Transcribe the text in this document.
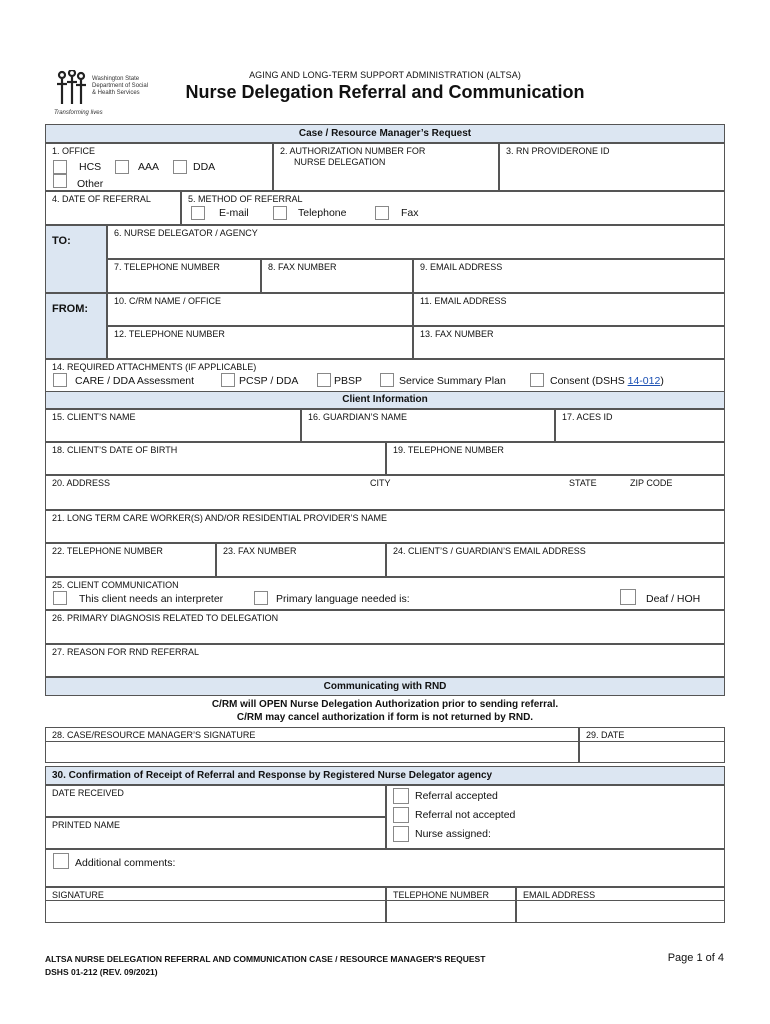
Washington State
Department of Social
& Health Services
Transforming lives
AGING AND LONG-TERM SUPPORT ADMINISTRATION (ALTSA)
Nurse Delegation Referral and Communication
Case / Resource Manager’s Request
1. OFFICE
HCS	AAA	DDA
Other
2. AUTHORIZATION NUMBER FOR
NURSE DELEGATION
3. RN PROVIDERONE ID
4. DATE OF REFERRAL	5. METHOD OF REFERRAL
E-mail	Telephone	Fax
TO:
6. NURSE DELEGATOR / AGENCY
7. TELEPHONE NUMBER	8. FAX NUMBER	9. EMAIL ADDRESS
FROM:
10. C/RM NAME / OFFICE	11. EMAIL ADDRESS
12. TELEPHONE NUMBER	13. FAX NUMBER
14. REQUIRED ATTACHMENTS (IF APPLICABLE)
CARE / DDA Assessment	PCSP / DDA	PBSP	Service Summary Plan	Consent (DSHS 14-012)
Client Information
15. CLIENT’S NAME	16. GUARDIAN’S NAME	17. ACES ID
18. CLIENT’S DATE OF BIRTH	19. TELEPHONE NUMBER
20. ADDRESS	CITY	STATE	ZIP CODE
21. LONG TERM CARE WORKER(S) AND/OR RESIDENTIAL PROVIDER’S NAME
22. TELEPHONE NUMBER	23. FAX NUMBER	24. CLIENT’S / GUARDIAN’S EMAIL ADDRESS
25. CLIENT COMMUNICATION
This client needs an interpreter	Primary language needed is:	Deaf / HOH
26. PRIMARY DIAGNOSIS RELATED TO DELEGATION
27. REASON FOR RND REFERRAL
Communicating with RND
C/RM will OPEN Nurse Delegation Authorization prior to sending referral.
C/RM may cancel authorization if form is not returned by RND.
28. CASE/RESOURCE MANAGER’S SIGNATURE	29. DATE
30. Confirmation of Receipt of Referral and Response by Registered Nurse Delegator agency
DATE RECEIVED
PRINTED NAME
Referral accepted
Referral not accepted
Nurse assigned:
Additional comments:
SIGNATURE	TELEPHONE NUMBER	EMAIL ADDRESS
ALTSA NURSE DELEGATION REFERRAL AND COMMUNICATION CASE / RESOURCE MANAGER'S REQUEST
DSHS 01-212 (REV. 09/2021)
Page 1 of 4
